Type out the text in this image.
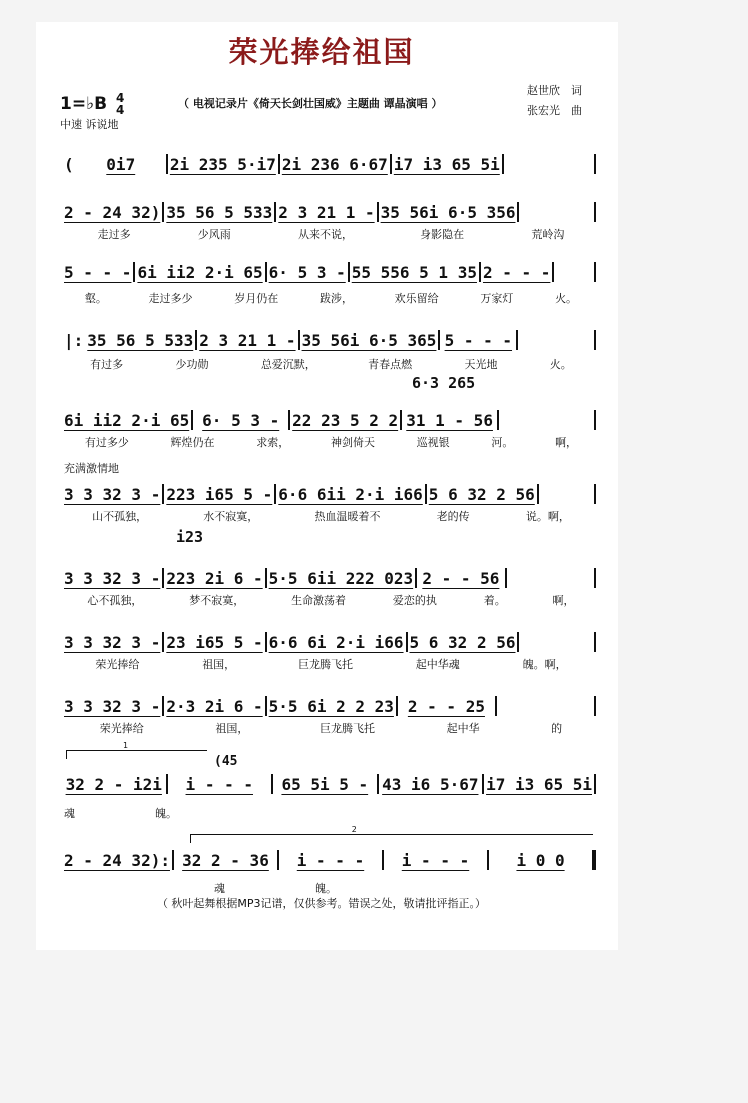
荣光捧给祖国
1=♭B 4
4
中速 诉说地
（ 电视记录片《倚天长剑壮国威》主题曲 谭晶演唱 ）
赵世欣　词
张宏光　曲
(	0i7	2i 235 5·i7 2i 236 6·67 i7 i3 65 5i
2 - 24 32) 35 56 5 533 2 3 21 1 - 35 56i 6·5 356
5 - - - 6i ii2 2·i 65 6· 5 3 - 55 556 5 1 35 2 - - -
|: 35 56 5 533 2 3 21 1 - 35 56i 6·5 365 5 - - -
6i ii2 2·i 65 6· 5 3 - 22 23 5 2 2 31 1 - 56
3 3 32 3 - 223 i65 5 - 6·6 6ii 2·i i66 5 6 32 2 56
3 3 32 3 - 223 2i 6 - 5·5 6ii 222 023 2 - - 56
3 3 32 3 - 23 i65 5 - 6·6 6i 2·i i66 5 6 32 2 56
3 3 32 3 - 2·3 2i 6 - 5·5 6i 2 2 23 2 - - 25
32 2 - i2i	i - - -	65 5i 5 - 43 i6 5·67 i7 i3 65 5i
2 - 24 32): 32 2 - 36	i - - -	i - - -	i 0 0
走过多	少风雨	从来不说，	身影隐在	荒岭沟
壑。	走过多少	岁月仍在	跋涉，	欢乐留给	万家灯	火。
有过多	少功勋	总爱沉默，	青春点燃	天光地	火。
有过多少	辉煌仍在	求索，	神剑倚天	巡视银	河。	啊，
山不孤独，	水不寂寞，	热血温暖着不	老的传	说。啊，
心不孤独，	梦不寂寞，	生命激荡着	爱恋的执	着。	啊，
荣光捧给	祖国，	巨龙腾飞托	起中华魂	魄。啊，
荣光捧给	祖国，	巨龙腾飞托	起中华	的
魂	魄。
魂	魄。
6·3 265
充满激情地
i23
(45
1
2
（ 秋叶起舞根据MP3记谱，仅供参考。错误之处，敬请批评指正。）
